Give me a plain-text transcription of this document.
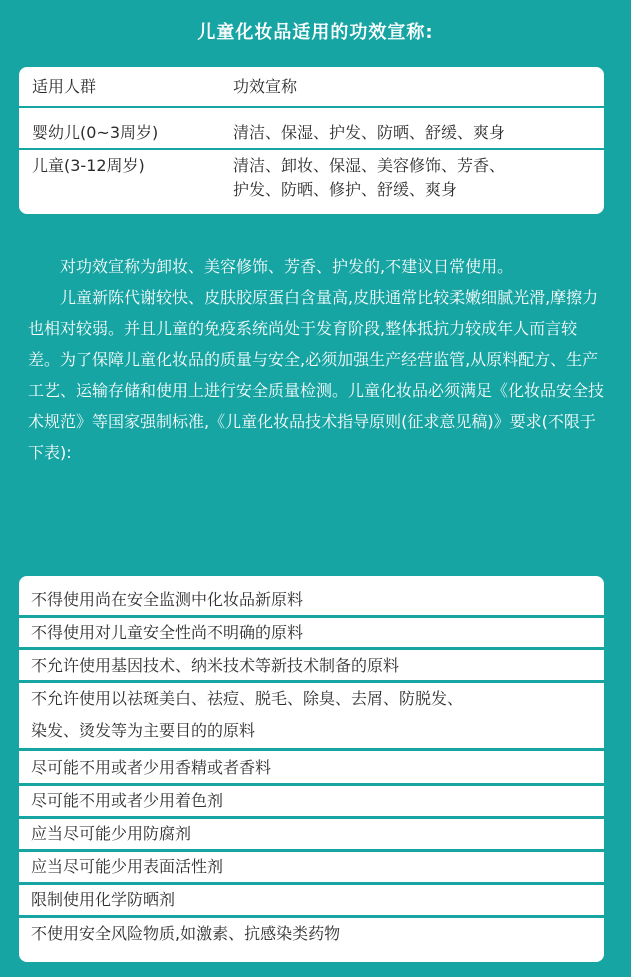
儿童化妆品适用的功效宣称:
适用人群	功效宣称
婴幼儿(0~3周岁)	清洁、保湿、护发、防晒、舒缓、爽身
儿童(3-12周岁)	清洁、卸妆、保湿、美容修饰、芳香、
护发、防晒、修护、舒缓、爽身

对功效宣称为卸妆、美容修饰、芳香、护发的,不建议日常使用。

儿童新陈代谢较快、皮肤胶原蛋白含量高,皮肤通常比较柔嫩细腻光滑,摩擦力也相对较弱。并且儿童的免疫系统尚处于发育阶段,整体抵抗力较成年人而言较差。为了保障儿童化妆品的质量与安全,必须加强生产经营监管,从原料配方、生产工艺、运输存储和使用上进行安全质量检测。儿童化妆品必须满足《化妆品安全技术规范》等国家强制标准,《儿童化妆品技术指导原则(征求意见稿)》要求(不限于下表):

不得使用尚在安全监测中化妆品新原料
不得使用对儿童安全性尚不明确的原料
不允许使用基因技术、纳米技术等新技术制备的原料
不允许使用以祛斑美白、祛痘、脱毛、除臭、去屑、防脱发、
染发、烫发等为主要目的的原料
尽可能不用或者少用香精或者香料
尽可能不用或者少用着色剂
应当尽可能少用防腐剂
应当尽可能少用表面活性剂
限制使用化学防晒剂
不使用安全风险物质,如激素、抗感染类药物
